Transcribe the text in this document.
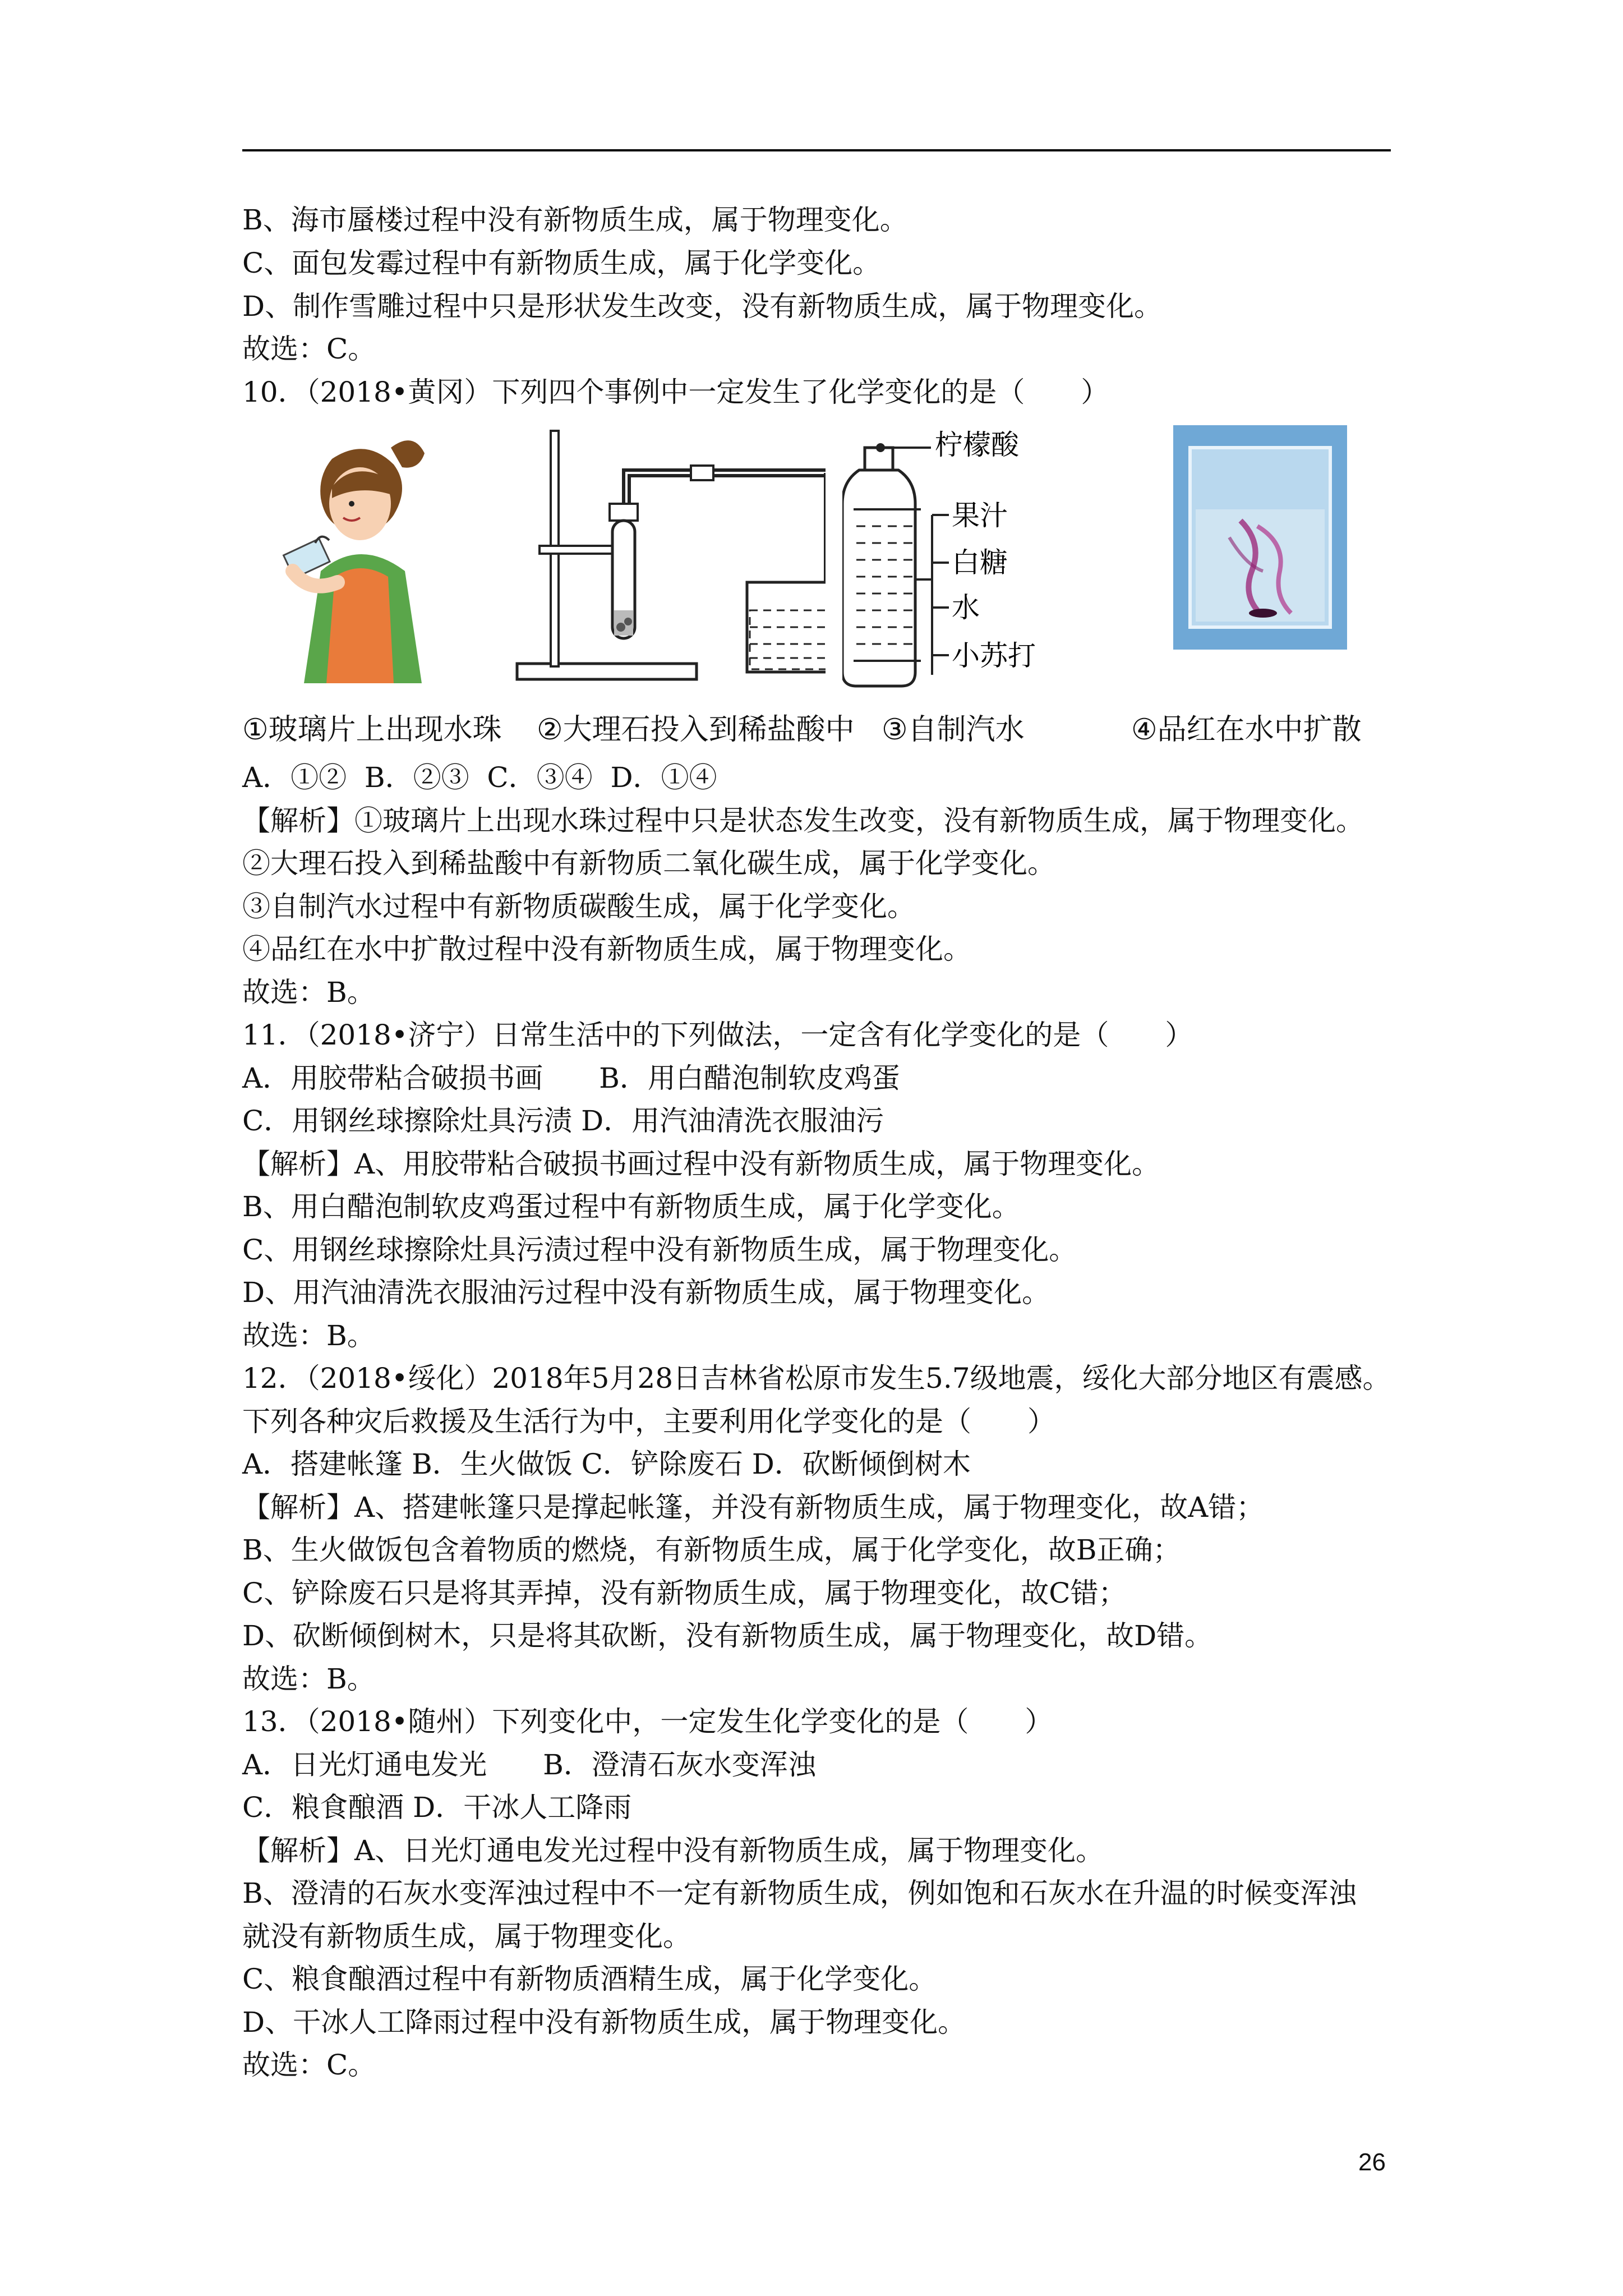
B、海市蜃楼过程中没有新物质生成，属于物理变化。
C、面包发霉过程中有新物质生成，属于化学变化。
D、制作雪雕过程中只是形状发生改变，没有新物质生成，属于物理变化。
故选：C。
10．（2018•黄冈）下列四个事例中一定发生了化学变化的是（　　）
柠檬酸
果汁
白糖
水
小苏打
①玻璃片上出现水珠 ②大理石投入到稀盐酸中 ③自制汽水	④品红在水中扩散
A．①②  B．②③  C．③④  D．①④
【解析】①玻璃片上出现水珠过程中只是状态发生改变，没有新物质生成，属于物理变化。
②大理石投入到稀盐酸中有新物质二氧化碳生成，属于化学变化。
③自制汽水过程中有新物质碳酸生成，属于化学变化。
④品红在水中扩散过程中没有新物质生成，属于物理变化。
故选：B。
11．（2018•济宁）日常生活中的下列做法，一定含有化学变化的是（　　）
A．用胶带粘合破损书画　　B．用白醋泡制软皮鸡蛋
C．用钢丝球擦除灶具污渍 D．用汽油清洗衣服油污
【解析】A、用胶带粘合破损书画过程中没有新物质生成，属于物理变化。
B、用白醋泡制软皮鸡蛋过程中有新物质生成，属于化学变化。
C、用钢丝球擦除灶具污渍过程中没有新物质生成，属于物理变化。
D、用汽油清洗衣服油污过程中没有新物质生成，属于物理变化。
故选：B。
12．（2018•绥化）2018年5月28日吉林省松原市发生5.7级地震，绥化大部分地区有震感。
下列各种灾后救援及生活行为中，主要利用化学变化的是（　　）
A．搭建帐篷 B．生火做饭 C．铲除废石 D．砍断倾倒树木
【解析】A、搭建帐篷只是撑起帐篷，并没有新物质生成，属于物理变化，故A错；
B、生火做饭包含着物质的燃烧，有新物质生成，属于化学变化，故B正确；
C、铲除废石只是将其弄掉，没有新物质生成，属于物理变化，故C错；
D、砍断倾倒树木，只是将其砍断，没有新物质生成，属于物理变化，故D错。
故选：B。
13．（2018•随州）下列变化中，一定发生化学变化的是（　　）
A．日光灯通电发光　　B．澄清石灰水变浑浊
C．粮食酿酒 D．干冰人工降雨
【解析】A、日光灯通电发光过程中没有新物质生成，属于物理变化。
B、澄清的石灰水变浑浊过程中不一定有新物质生成，例如饱和石灰水在升温的时候变浑浊
就没有新物质生成，属于物理变化。
C、粮食酿酒过程中有新物质酒精生成，属于化学变化。
D、干冰人工降雨过程中没有新物质生成，属于物理变化。
故选：C。
26
